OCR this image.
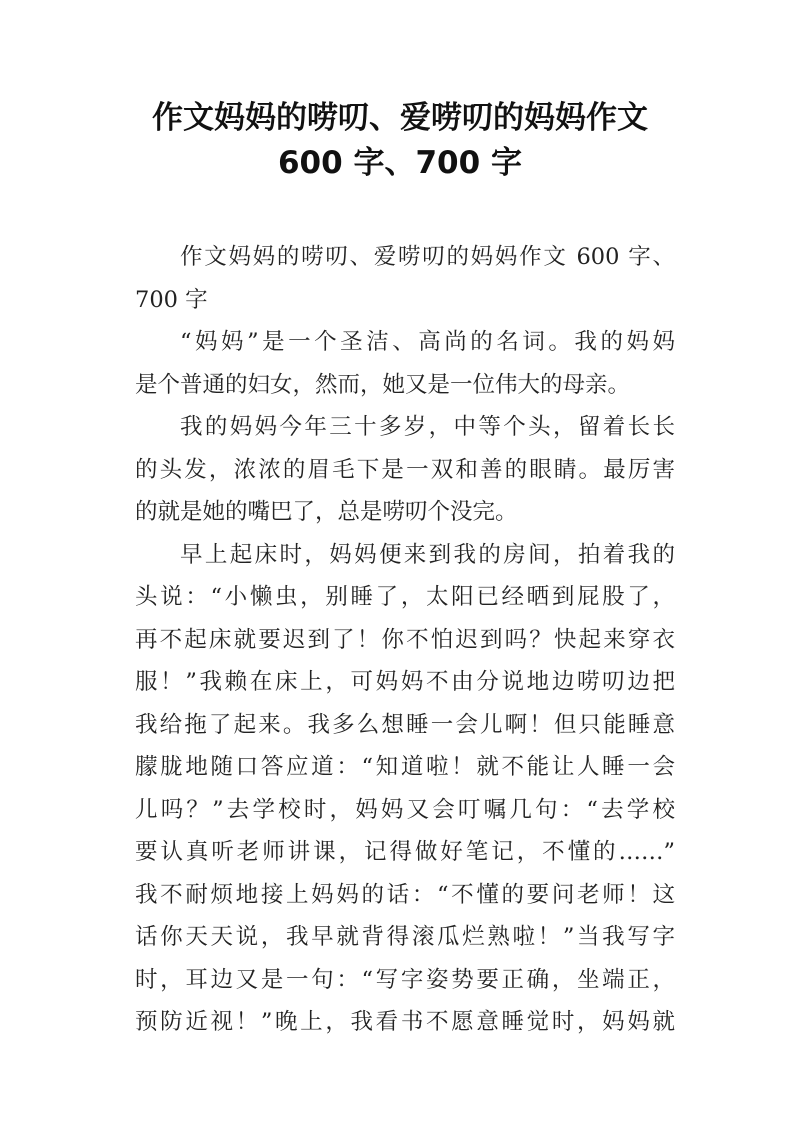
作文妈妈的唠叨、爱唠叨的妈妈作文
600 字、700 字
作文妈妈的唠叨、爱唠叨的妈妈作文 600 字、
700 字
“妈妈”是一个圣洁、高尚的名词。我的妈妈
是个普通的妇女，然而，她又是一位伟大的母亲。
我的妈妈今年三十多岁，中等个头，留着长长
的头发，浓浓的眉毛下是一双和善的眼睛。最厉害
的就是她的嘴巴了，总是唠叨个没完。
早上起床时，妈妈便来到我的房间，拍着我的
头说：“小懒虫，别睡了，太阳已经晒到屁股了，
再不起床就要迟到了！你不怕迟到吗？快起来穿衣
服！”我赖在床上，可妈妈不由分说地边唠叨边把
我给拖了起来。我多么想睡一会儿啊！但只能睡意
朦胧地随口答应道：“知道啦！就不能让人睡一会
儿吗？”去学校时，妈妈又会叮嘱几句：“去学校
要认真听老师讲课，记得做好笔记，不懂的……”
我不耐烦地接上妈妈的话：“不懂的要问老师！这
话你天天说，我早就背得滚瓜烂熟啦！”当我写字
时，耳边又是一句：“写字姿势要正确，坐端正，
预防近视！”晚上，我看书不愿意睡觉时，妈妈就
